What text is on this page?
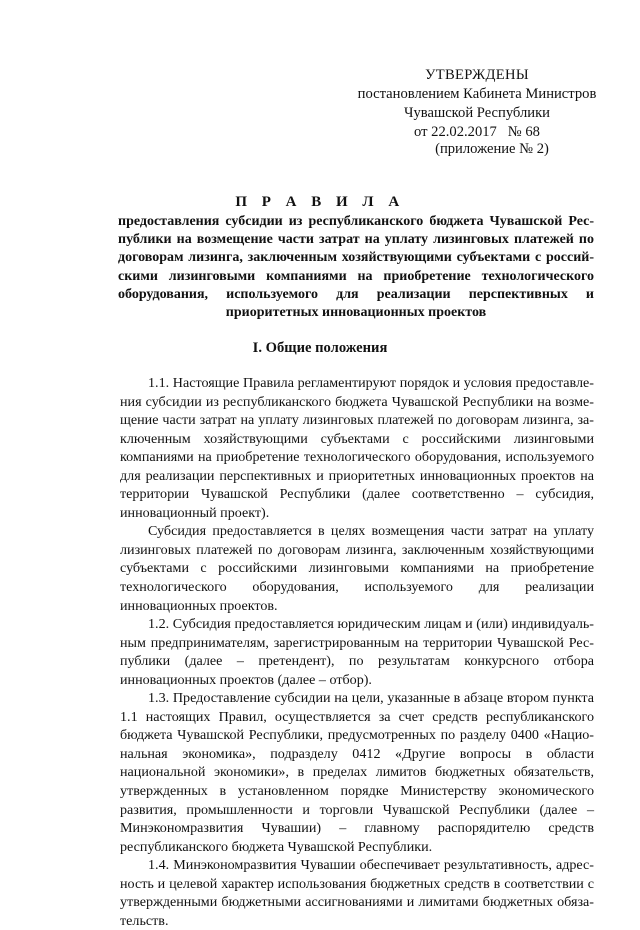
УТВЕРЖДЕНЫ
постановлением Кабинета Министров
Чувашской Республики
от 22.02.2017   № 68
(приложение № 2)
П Р А В И Л А
предоставления субсидии из республиканского бюджета Чувашской Республики на возмещение части затрат на уплату лизинговых платежей по договорам лизинга, заключенным хозяйствующими субъектами с российскими лизинговыми компаниями на приобретение технологического оборудования, используемого для реализации перспективных и приоритетных инновационных проектов
I. Общие положения

1.1. Настоящие Правила регламентируют порядок и условия предоставления субсидии из республиканского бюджета Чувашской Республики на возмещение части затрат на уплату лизинговых платежей по договорам лизинга, заключенным хозяйствующими субъектами с российскими лизинговыми компаниями на приобретение технологического оборудования, используемого для реализации перспективных и приоритетных инновационных проектов на территории Чувашской Республики (далее соответственно – субсидия, инновационный проект).

Субсидия предоставляется в целях возмещения части затрат на уплату лизинговых платежей по договорам лизинга, заключенным хозяйствующими субъектами с российскими лизинговыми компаниями на приобретение технологического оборудования, используемого для реализации инновационных проектов.

1.2. Субсидия предоставляется юридическим лицам и (или) индивидуальным предпринимателям, зарегистрированным на территории Чувашской Республики (далее – претендент), по результатам конкурсного отбора инновационных проектов (далее – отбор).

1.3. Предоставление субсидии на цели, указанные в абзаце втором пункта 1.1 настоящих Правил, осуществляется за счет средств республиканского бюджета Чувашской Республики, предусмотренных по разделу 0400 «Национальная экономика», подразделу 0412 «Другие вопросы в области национальной экономики», в пределах лимитов бюджетных обязательств, утвержденных в установленном порядке Министерству экономического развития, промышленности и торговли Чувашской Республики (далее – Минэкономразвития Чувашии) – главному распорядителю средств республиканского бюджета Чувашской Республики.

1.4. Минэкономразвития Чувашии обеспечивает результативность, адресность и целевой характер использования бюджетных средств в соответствии с утвержденными бюджетными ассигнованиями и лимитами бюджетных обязательств.
